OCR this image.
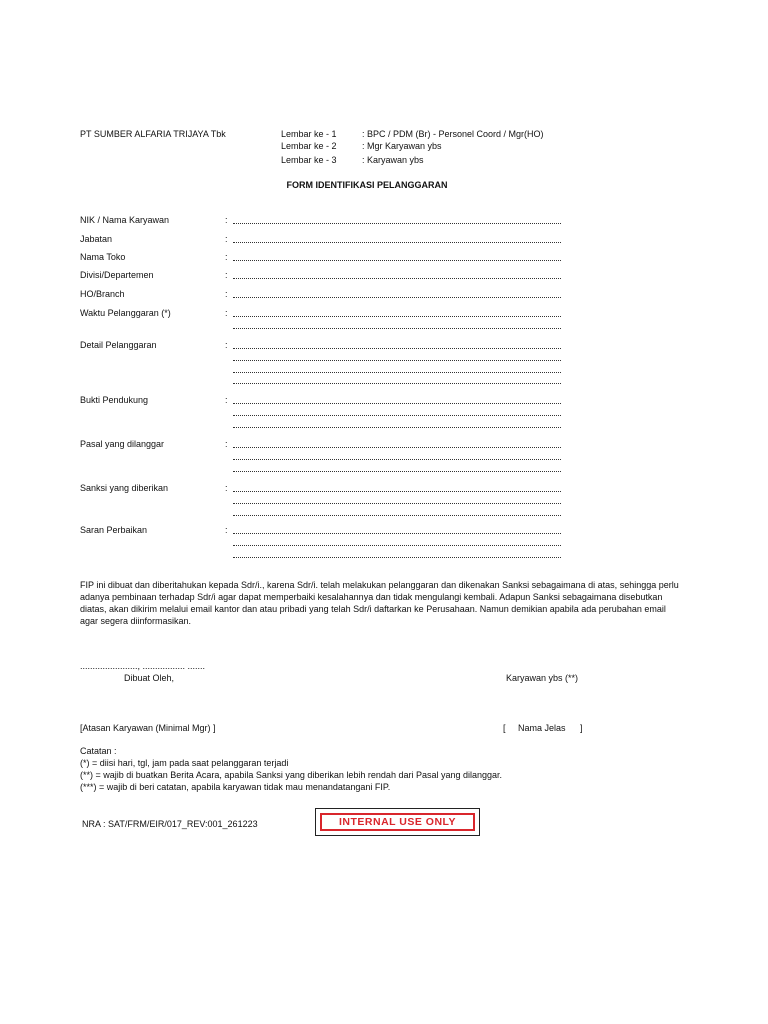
PT SUMBER ALFARIA TRIJAYA Tbk	Lembar ke - 1	: BPC / PDM (Br) - Personel Coord / Mgr(HO)
Lembar ke - 2	: Mgr Karyawan ybs
Lembar ke - 3	: Karyawan ybs
FORM IDENTIFIKASI PELANGGARAN
NIK / Nama Karyawan	:
Jabatan	:
Nama Toko	:
Divisi/Departemen	:
HO/Branch	:
Waktu Pelanggaran (*)	:
Detail Pelanggaran	:
Bukti Pendukung	:
Pasal yang dilanggar	:
Sanksi yang diberikan	:
Saran Perbaikan	:
FIP ini dibuat dan diberitahukan kepada Sdr/i., karena Sdr/i. telah melakukan pelanggaran dan dikenakan Sanksi sebagaimana di atas, sehingga perlu adanya pembinaan terhadap Sdr/i agar dapat memperbaiki kesalahannya dan tidak mengulangi kembali. Adapun Sanksi sebagaimana disebutkan diatas, akan dikirim melalui email kantor dan atau pribadi yang telah Sdr/i daftarkan ke Perusahaan. Namun demikian apabila ada perubahan email agar segera diinformasikan.
......................., ................. .......
Dibuat Oleh,	Karyawan ybs (**)
[Atasan Karyawan (Minimal Mgr) ]	[ Nama Jelas ]
Catatan :
(*) = diisi hari, tgl, jam pada saat pelanggaran terjadi
(**) = wajib di buatkan Berita Acara, apabila Sanksi yang diberikan lebih rendah dari Pasal yang dilanggar.
(***) = wajib di beri catatan, apabila karyawan tidak mau menandatangani FIP.
NRA : SAT/FRM/EIR/017_REV:001_261223	INTERNAL USE ONLY
